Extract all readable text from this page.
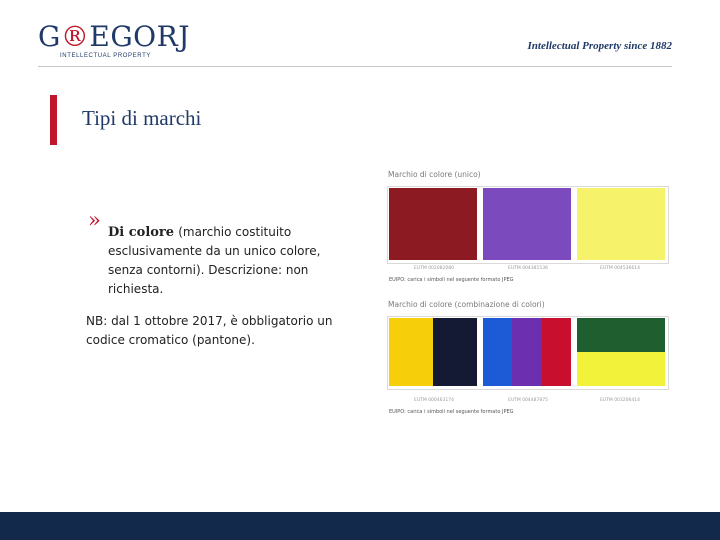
G®EGORJ
INTELLECTUAL PROPERTY
Intellectual Property since 1882
Tipi di marchi
»
Di colore (marchio costituito
esclusivamente da un unico colore, senza contorni). Descrizione: non richiesta.
NB: dal 1 ottobre 2017, è obbligatorio un codice cromatico (pantone).
Marchio di colore (unico)
EUTM 002082080	EUTM 004381536	EUTM 004536614
EUIPO: carica i simboli nel seguente formato JPEG
Marchio di colore (combinazione di colori)
EUTM 000463174	EUTM 004487875	EUTM 003206414
EUIPO: carica i simboli nel seguente formato JPEG
